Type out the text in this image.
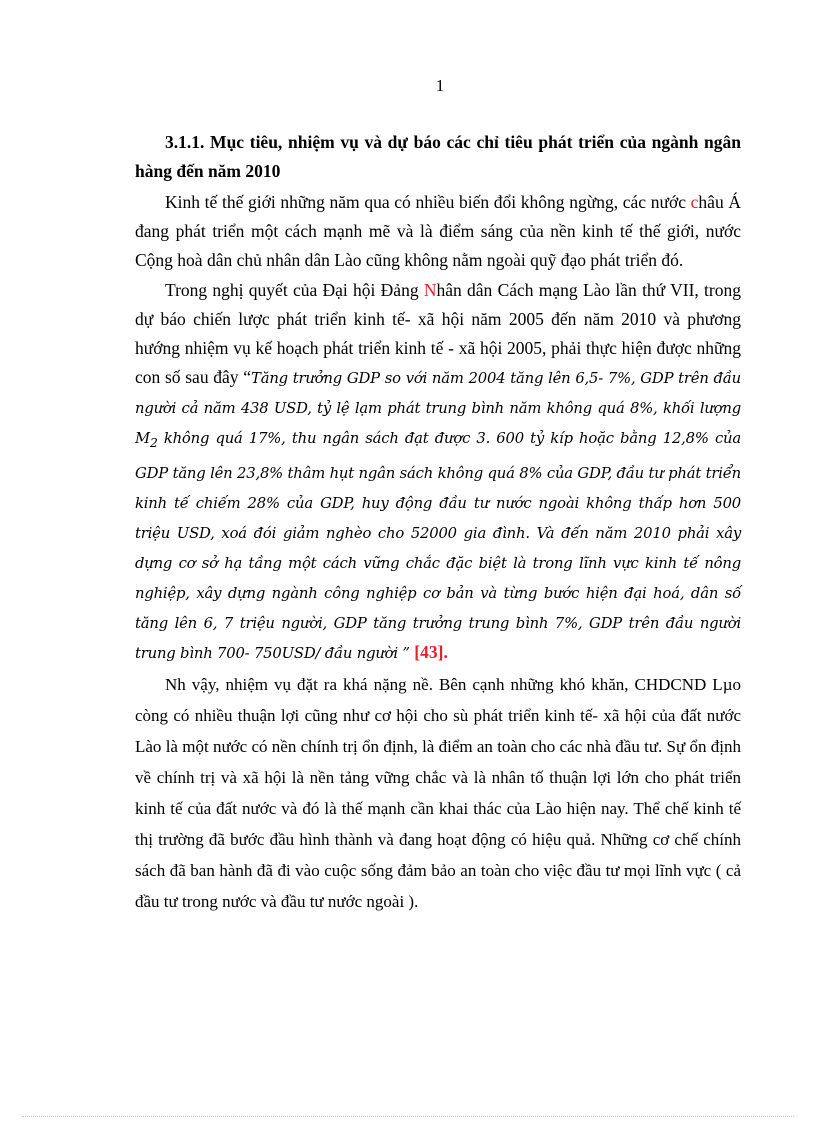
1

3.1.1. Mục tiêu, nhiệm vụ và dự báo các chỉ tiêu phát triển của ngành ngân hàng đến năm 2010

Kinh tế thế giới những năm qua có nhiều biến đổi không ngừng, các nước châu Á đang phát triển một cách mạnh mẽ và là điểm sáng của nền kinh tế thế giới, nước Cộng hoà dân chủ nhân dân Lào cũng không nằm ngoài quỹ đạo phát triển đó.

Trong nghị quyết của Đại hội Đảng Nhân dân Cách mạng Lào lần thứ VII, trong dự báo chiến lược phát triển kinh tế- xã hội năm 2005 đến năm 2010 và phương hướng nhiệm vụ kế hoạch phát triển kinh tế - xã hội 2005, phải thực hiện được những con số sau đây “Tăng trưởng GDP so với năm 2004 tăng lên 6,5- 7%, GDP trên đầu người cả năm 438 USD, tỷ lệ lạm phát trung bình năm không quá 8%, khối lượng $M_2$ không quá 17%, thu ngân sách đạt được 3. 600 tỷ kíp hoặc bằng 12,8% của GDP tăng lên 23,8% thâm hụt ngân sách không quá 8% của GDP, đầu tư phát triển kinh tế chiếm 28% của GDP, huy động đầu tư nước ngoài không thấp hơn 500 triệu USD, xoá đói giảm nghèo cho 52000 gia đình. Và đến năm 2010 phải xây dựng cơ sở hạ tầng một cách vững chắc đặc biệt là trong lĩnh vực kinh tế nông nghiệp, xây dựng ngành công nghiệp cơ bản và từng bước hiện đại hoá, dân số tăng lên 6, 7 triệu người, GDP tăng trưởng trung bình 7%, GDP trên đầu người trung bình 700- 750USD/ đầu người ” [43].

Nh vậy, nhiệm vụ đặt ra khá nặng nề. Bên cạnh những khó khăn, CHDCND Lµo còng có nhiều thuận lợi cũng như cơ hội cho sù phát triển kinh tế- xã hội của đất nước Lào là một nước có nền chính trị ổn định, là điểm an toàn cho các nhà đầu tư. Sự ổn định về chính trị và xã hội là nền tảng vững chắc và là nhân tố thuận lợi lớn cho phát triển kinh tế của đất nước và đó là thế mạnh cần khai thác của Lào hiện nay. Thể chế kinh tế thị trường đã bước đầu hình thành và đang hoạt động có hiệu quả. Những cơ chế chính sách đã ban hành đã đi vào cuộc sống đảm bảo an toàn cho việc đầu tư mọi lĩnh vực ( cả đầu tư trong nước và đầu tư nước ngoài ).
